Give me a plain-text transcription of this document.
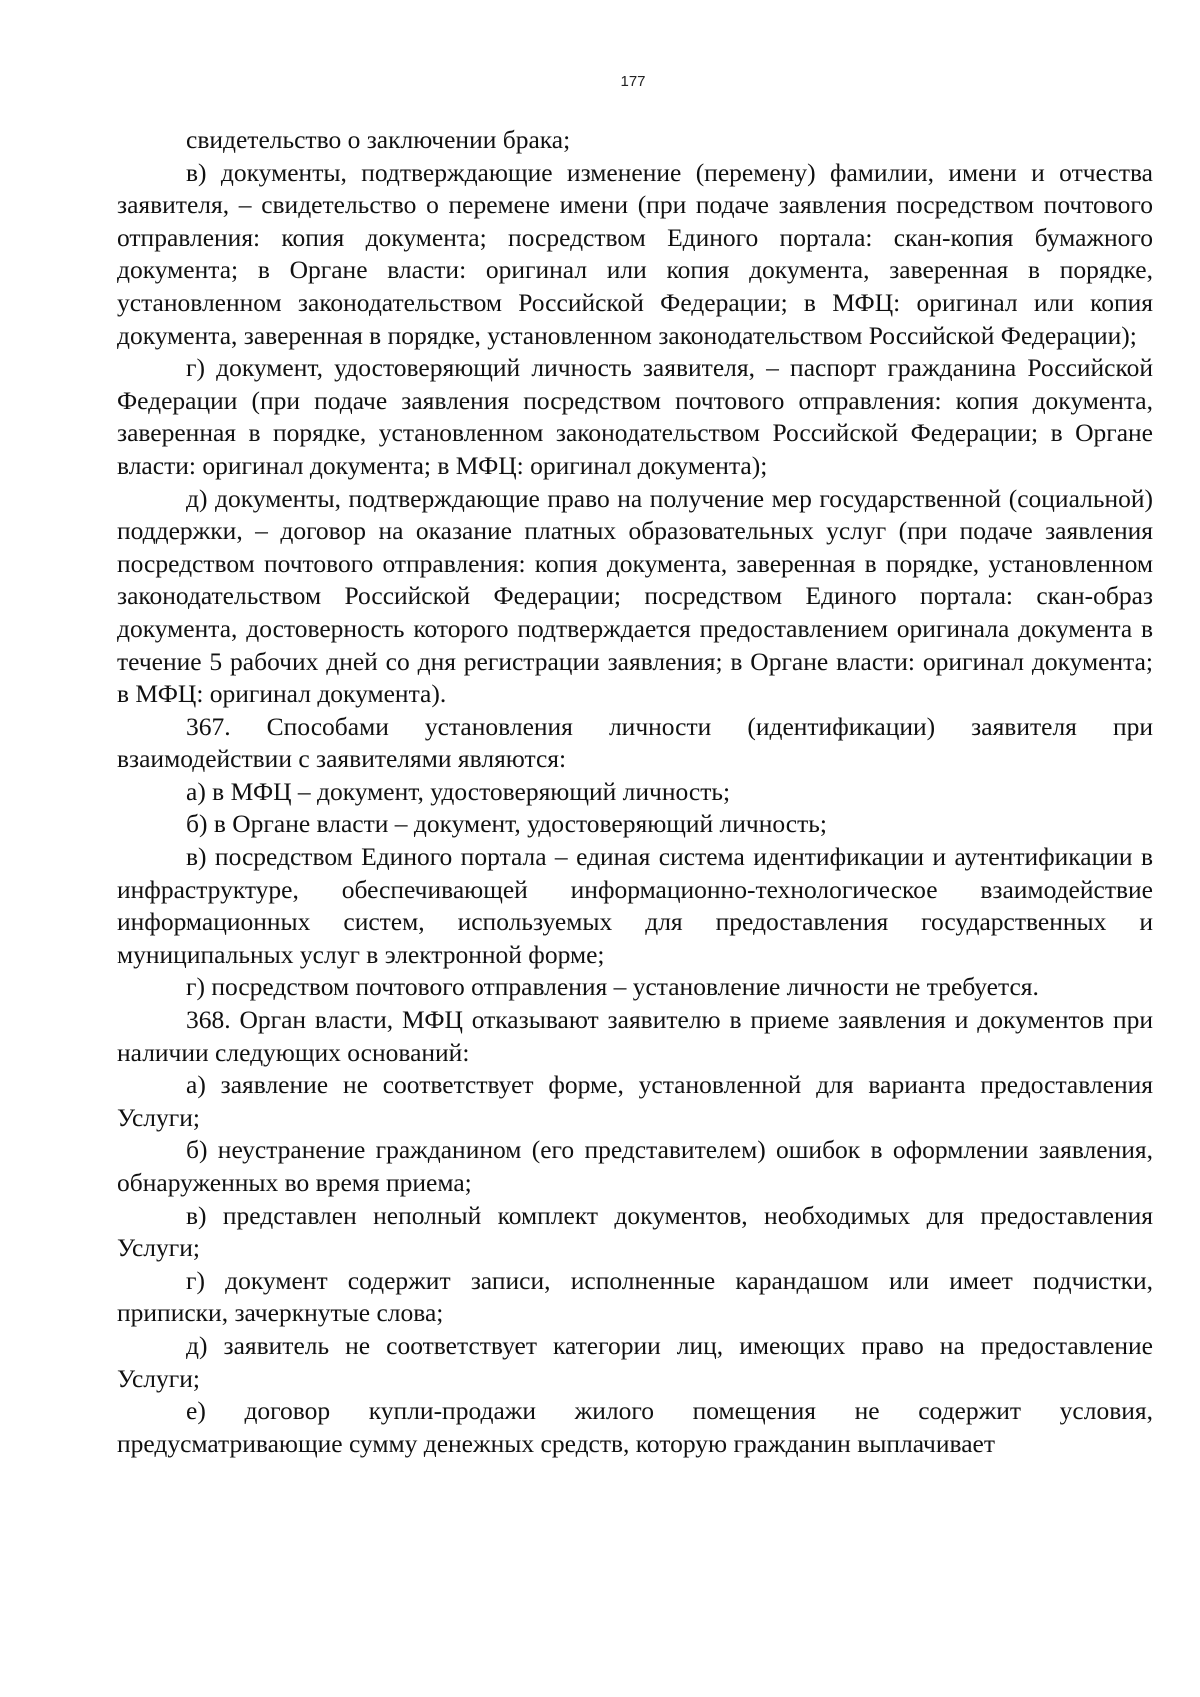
177

свидетельство о заключении брака;

в) документы, подтверждающие изменение (перемену) фамилии, имени и отчества заявителя, – свидетельство о перемене имени (при подаче заявления посредством почтового отправления: копия документа; посредством Единого портала: скан-копия бумажного документа; в Органе власти: оригинал или копия документа, заверенная в порядке, установленном законодательством Российской Федерации; в МФЦ: оригинал или копия документа, заверенная в порядке, установленном законодательством Российской Федерации);

г) документ, удостоверяющий личность заявителя, – паспорт гражданина Российской Федерации (при подаче заявления посредством почтового отправления: копия документа, заверенная в порядке, установленном законодательством Российской Федерации; в Органе власти: оригинал документа; в МФЦ: оригинал документа);

д) документы, подтверждающие право на получение мер государственной (социальной) поддержки, – договор на оказание платных образовательных услуг (при подаче заявления посредством почтового отправления: копия документа, заверенная в порядке, установленном законодательством Российской Федерации; посредством Единого портала: скан-образ документа, достоверность которого подтверждается предоставлением оригинала документа в течение 5 рабочих дней со дня регистрации заявления; в Органе власти: оригинал документа; в МФЦ: оригинал документа).

367. Способами установления личности (идентификации) заявителя при взаимодействии с заявителями являются:

а) в МФЦ – документ, удостоверяющий личность;

б) в Органе власти – документ, удостоверяющий личность;

в) посредством Единого портала – единая система идентификации и аутентификации в инфраструктуре, обеспечивающей информационно-технологическое взаимодействие информационных систем, используемых для предоставления государственных и муниципальных услуг в электронной форме;

г) посредством почтового отправления – установление личности не требуется.

368. Орган власти, МФЦ отказывают заявителю в приеме заявления и документов при наличии следующих оснований:

а) заявление не соответствует форме, установленной для варианта предоставления Услуги;

б) неустранение гражданином (его представителем) ошибок в оформлении заявления, обнаруженных во время приема;

в) представлен неполный комплект документов, необходимых для предоставления Услуги;

г) документ содержит записи, исполненные карандашом или имеет подчистки, приписки, зачеркнутые слова;

д) заявитель не соответствует категории лиц, имеющих право на предоставление Услуги;

е) договор купли-продажи жилого помещения не содержит условия, предусматривающие сумму денежных средств, которую гражданин выплачивает
